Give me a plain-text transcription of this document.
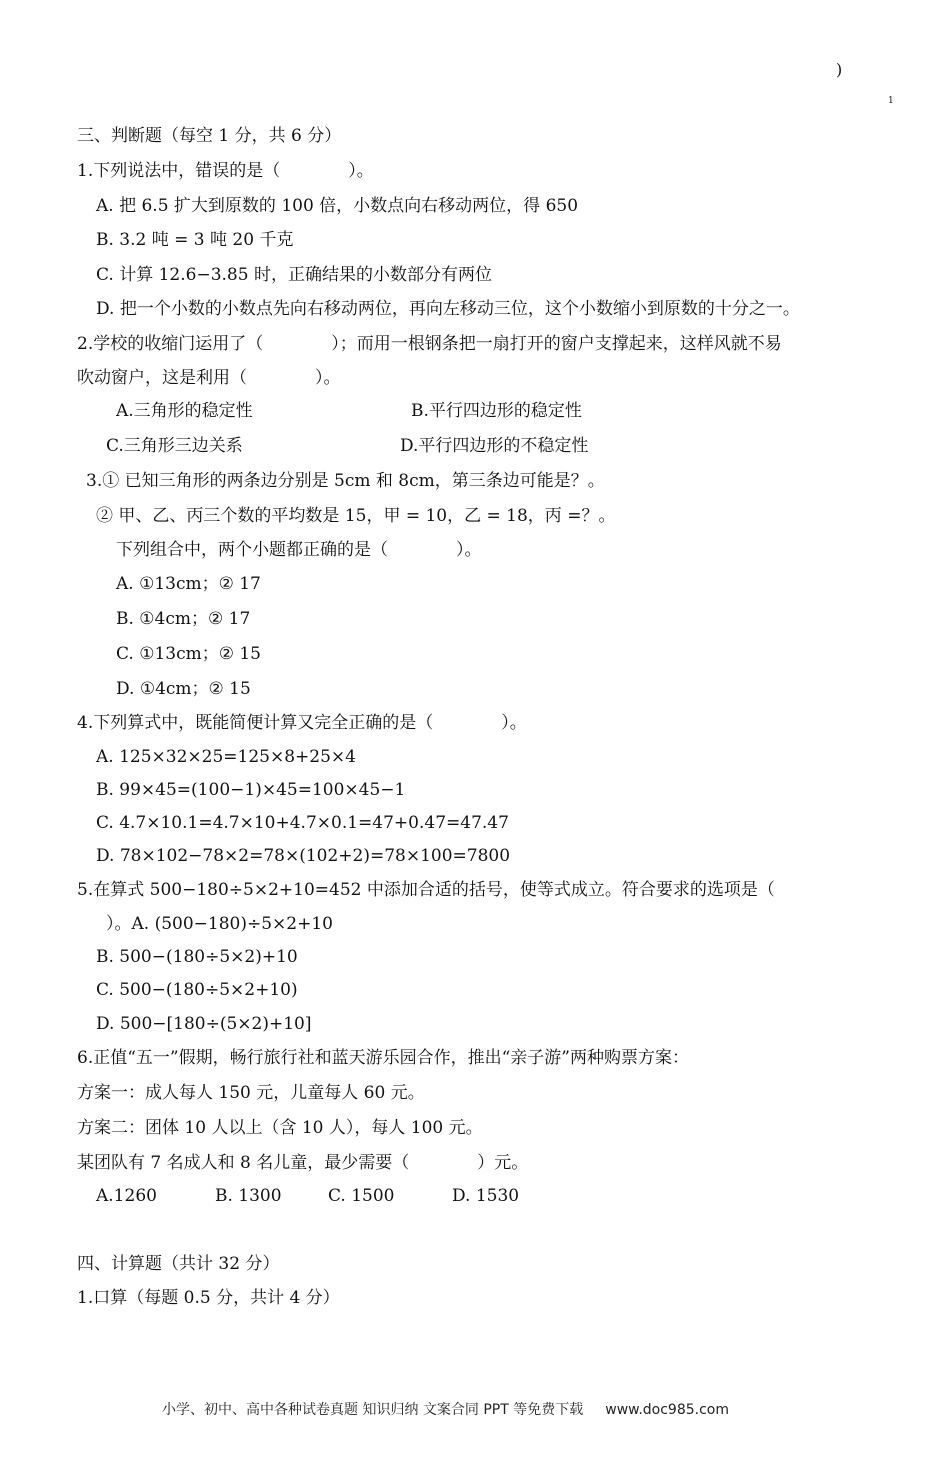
)
1
三、判断题（每空 1 分，共 6 分）
1.下列说法中，错误的是（　　　　）。
A. 把 6.5 扩大到原数的 100 倍，小数点向右移动两位，得 650
B. 3.2 吨 = 3 吨 20 千克
C. 计算 12.6−3.85 时，正确结果的小数部分有两位
D. 把一个小数的小数点先向右移动两位，再向左移动三位，这个小数缩小到原数的十分之一。
2.学校的收缩门运用了（　　　　）；而用一根钢条把一扇打开的窗户支撑起来，这样风就不易
吹动窗户，这是利用（　　　　）。
A.三角形的稳定性	B.平行四边形的稳定性
C.三角形三边关系	D.平行四边形的不稳定性
3.① 已知三角形的两条边分别是 5cm 和 8cm，第三条边可能是？。
② 甲、乙、丙三个数的平均数是 15，甲 = 10，乙 = 18，丙 =？。
下列组合中，两个小题都正确的是（　　　　）。
A. ①13cm；② 17
B. ①4cm；② 17
C. ①13cm；② 15
D. ①4cm；② 15
4.下列算式中，既能简便计算又完全正确的是（　　　　）。
A. 125×32×25=125×8+25×4
B. 99×45=(100−1)×45=100×45−1
C. 4.7×10.1=4.7×10+4.7×0.1=47+0.47=47.47
D. 78×102−78×2=78×(102+2)=78×100=7800
5.在算式 500−180÷5×2+10=452 中添加合适的括号，使等式成立。符合要求的选项是（
）。A. (500−180)÷5×2+10
B. 500−(180÷5×2)+10
C. 500−(180÷5×2+10)
D. 500−[180÷(5×2)+10]
6.正值“五一”假期，畅行旅行社和蓝天游乐园合作，推出“亲子游”两种购票方案：
方案一：成人每人 150 元，儿童每人 60 元。
方案二：团体 10 人以上（含 10 人），每人 100 元。
某团队有 7 名成人和 8 名儿童，最少需要（　　　　）元。
A.1260	B. 1300	C. 1500	D. 1530
四、计算题（共计 32 分）
1.口算（每题 0.5 分，共计 4 分）
小学、初中、高中各种试卷真题 知识归纳 文案合同 PPT 等免费下载 www.doc985.com
